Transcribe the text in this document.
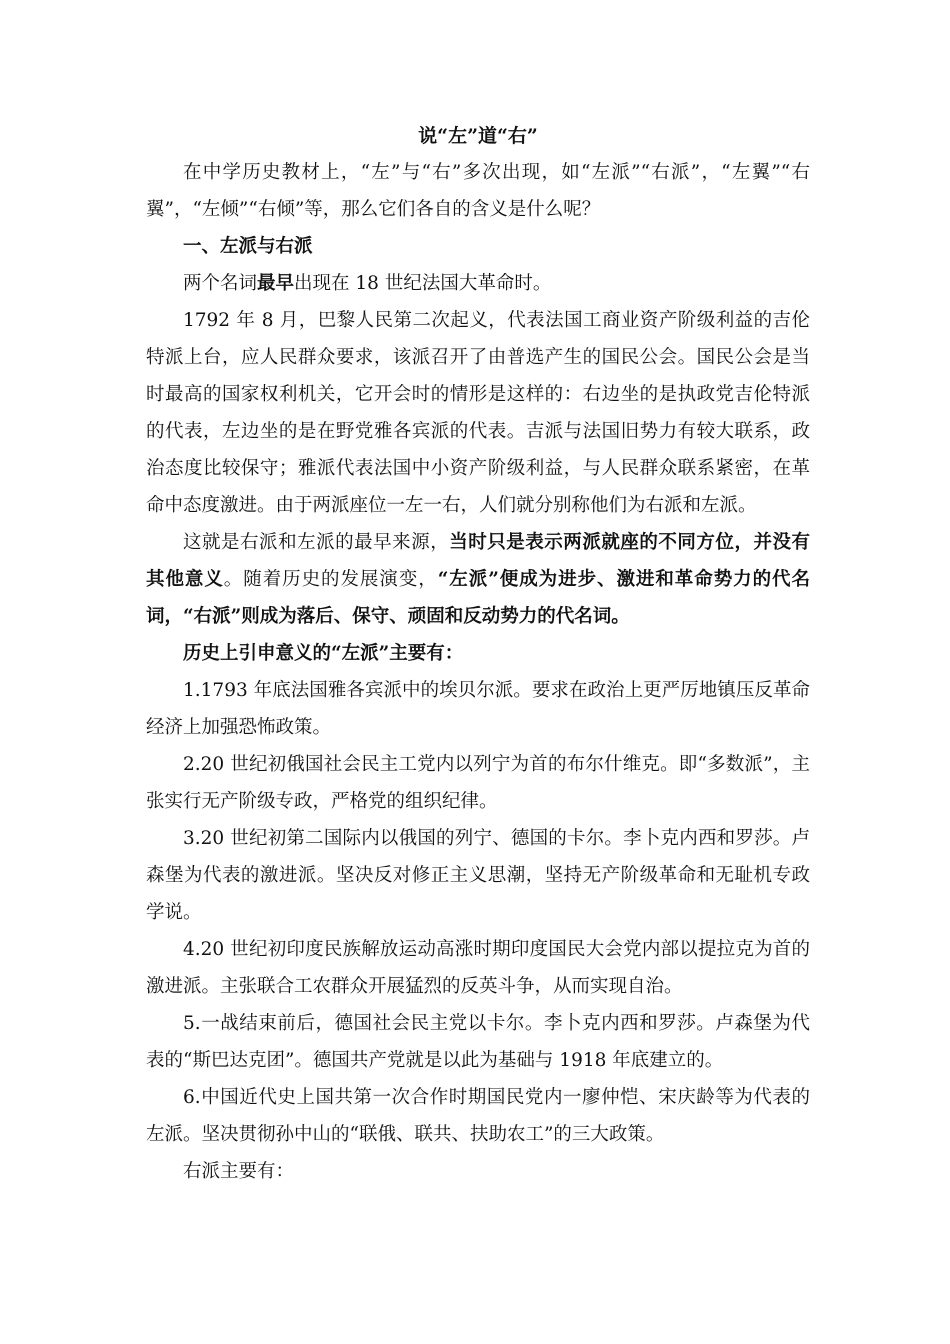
说“左”道“右”

在中学历史教材上，“左”与“右”多次出现，如“左派”“右派”，“左翼”“右翼”，“左倾”“右倾”等，那么它们各自的含义是什么呢？

一、左派与右派

两个名词最早出现在 18 世纪法国大革命时。

1792 年 8 月，巴黎人民第二次起义，代表法国工商业资产阶级利益的吉伦特派上台，应人民群众要求，该派召开了由普选产生的国民公会。国民公会是当时最高的国家权利机关，它开会时的情形是这样的：右边坐的是执政党吉伦特派的代表，左边坐的是在野党雅各宾派的代表。吉派与法国旧势力有较大联系，政治态度比较保守；雅派代表法国中小资产阶级利益，与人民群众联系紧密，在革命中态度激进。由于两派座位一左一右，人们就分别称他们为右派和左派。

这就是右派和左派的最早来源，当时只是表示两派就座的不同方位，并没有其他意义。随着历史的发展演变，“左派”便成为进步、激进和革命势力的代名词，“右派”则成为落后、保守、顽固和反动势力的代名词。

历史上引申意义的“左派”主要有：

1.1793 年底法国雅各宾派中的埃贝尔派。要求在政治上更严厉地镇压反革命经济上加强恐怖政策。

2.20 世纪初俄国社会民主工党内以列宁为首的布尔什维克。即“多数派”，主张实行无产阶级专政，严格党的组织纪律。

3.20 世纪初第二国际内以俄国的列宁、德国的卡尔。李卜克内西和罗莎。卢森堡为代表的激进派。坚决反对修正主义思潮，坚持无产阶级革命和无耻机专政学说。

4.20 世纪初印度民族解放运动高涨时期印度国民大会党内部以提拉克为首的激进派。主张联合工农群众开展猛烈的反英斗争，从而实现自治。

5.一战结束前后，德国社会民主党以卡尔。李卜克内西和罗莎。卢森堡为代表的“斯巴达克团”。德国共产党就是以此为基础与 1918 年底建立的。

6.中国近代史上国共第一次合作时期国民党内一廖仲恺、宋庆龄等为代表的左派。坚决贯彻孙中山的“联俄、联共、扶助农工”的三大政策。

右派主要有：
